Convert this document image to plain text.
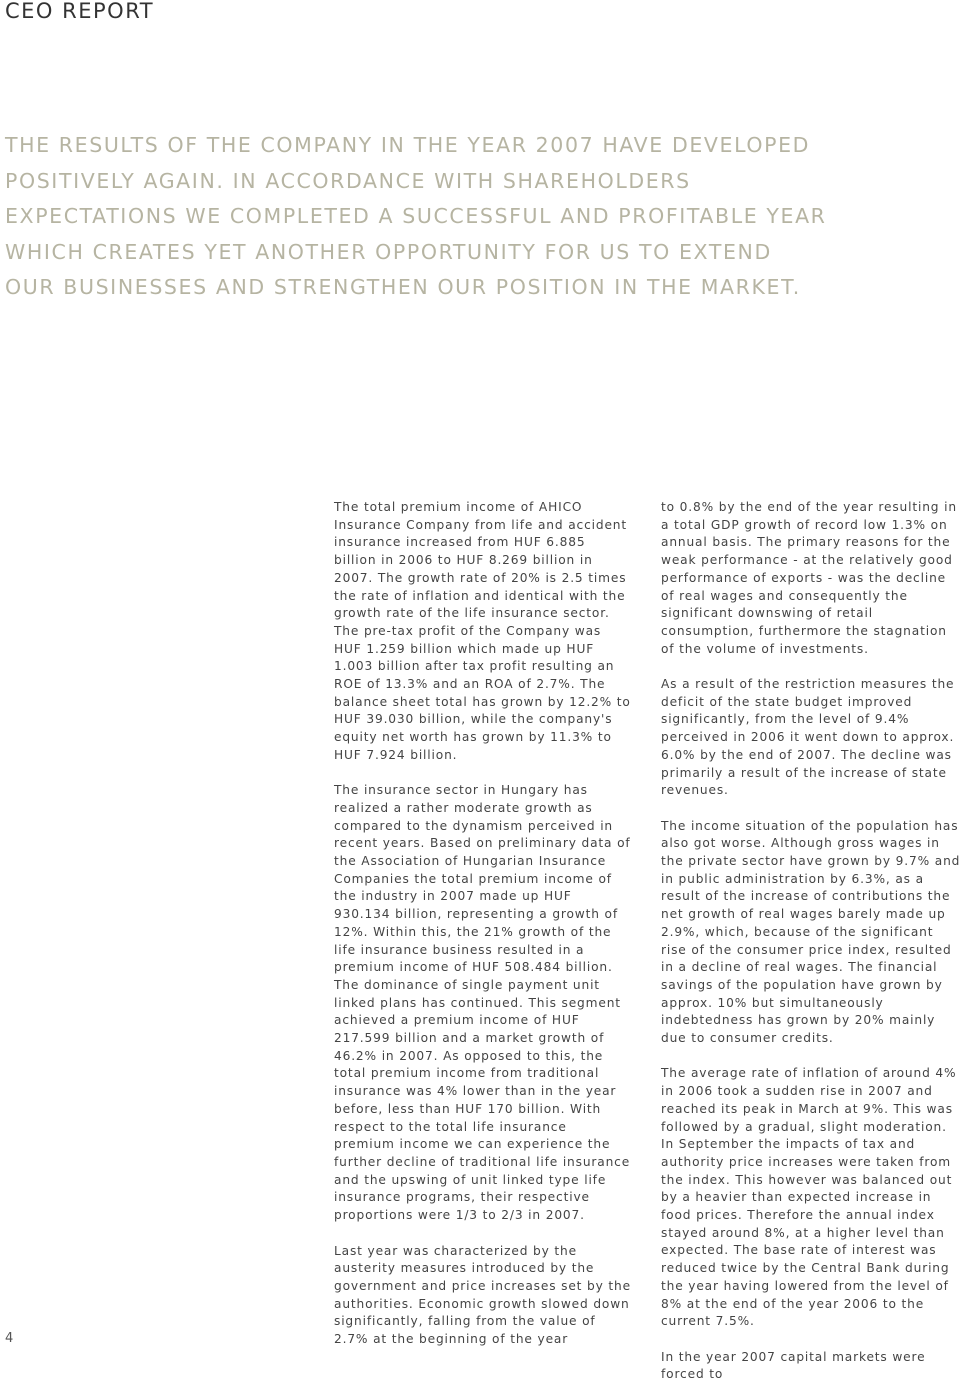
CEO REPORT
THE RESULTS OF THE COMPANY IN THE YEAR 2007 HAVE DEVELOPED
POSITIVELY AGAIN. IN ACCORDANCE WITH SHAREHOLDERS
EXPECTATIONS WE COMPLETED A SUCCESSFUL AND PROFITABLE YEAR
WHICH CREATES YET ANOTHER OPPORTUNITY FOR US TO EXTEND
OUR BUSINESSES AND STRENGTHEN OUR POSITION IN THE MARKET.

The total premium income of AHICO Insurance Company from life and accident insurance increased from HUF 6.885 billion in 2006 to HUF 8.269 billion in 2007. The growth rate of 20% is 2.5 times the rate of inflation and identical with the growth rate of the life insurance sector. The pre-tax profit of the Company was HUF 1.259 billion which made up HUF 1.003 billion after tax profit resulting an ROE of 13.3% and an ROA of 2.7%. The balance sheet total has grown by 12.2% to HUF 39.030 billion, while the company's equity net worth has grown by 11.3% to HUF 7.924 billion.

The insurance sector in Hungary has realized a rather moderate growth as compared to the dynamism perceived in recent years. Based on preliminary data of the Association of Hungarian Insurance Companies the total premium income of the industry in 2007 made up HUF 930.134 billion, representing a growth of 12%. Within this, the 21% growth of the life insurance business resulted in a premium income of HUF 508.484 billion. The dominance of single payment unit linked plans has continued. This segment achieved a premium income of HUF 217.599 billion and a market growth of 46.2% in 2007. As opposed to this, the total premium income from traditional insurance was 4% lower than in the year before, less than HUF 170 billion. With respect to the total life insurance premium income we can experience the further decline of traditional life insurance and the upswing of unit linked type life insurance programs, their respective proportions were 1/3 to 2/3 in 2007.

Last year was characterized by the austerity measures introduced by the government and price increases set by the authorities. Economic growth slowed down significantly, falling from the value of 2.7% at the beginning of the year

to 0.8% by the end of the year resulting in a total GDP growth of record low 1.3% on annual basis. The primary reasons for the weak performance - at the relatively good performance of exports - was the decline of real wages and consequently the significant downswing of retail consumption, furthermore the stagnation of the volume of investments.

As a result of the restriction measures the deficit of the state budget improved significantly, from the level of 9.4% perceived in 2006 it went down to approx. 6.0% by the end of 2007. The decline was primarily a result of the increase of state revenues.

The income situation of the population has also got worse. Although gross wages in the private sector have grown by 9.7% and in public administration by 6.3%, as a result of the increase of contributions the net growth of real wages barely made up 2.9%, which, because of the significant rise of the consumer price index, resulted in a decline of real wages. The financial savings of the population have grown by approx. 10% but simultaneously indebtedness has grown by 20% mainly due to consumer credits.

The average rate of inflation of around 4% in 2006 took a sudden rise in 2007 and reached its peak in March at 9%. This was followed by a gradual, slight moderation. In September the impacts of tax and authority price increases were taken from the index. This however was balanced out by a heavier than expected increase in food prices. Therefore the annual index stayed around 8%, at a higher level than expected. The base rate of interest was reduced twice by the Central Bank during the year having lowered from the level of 8% at the end of the year 2006 to the current 7.5%.

In the year 2007 capital markets were forced to

4
